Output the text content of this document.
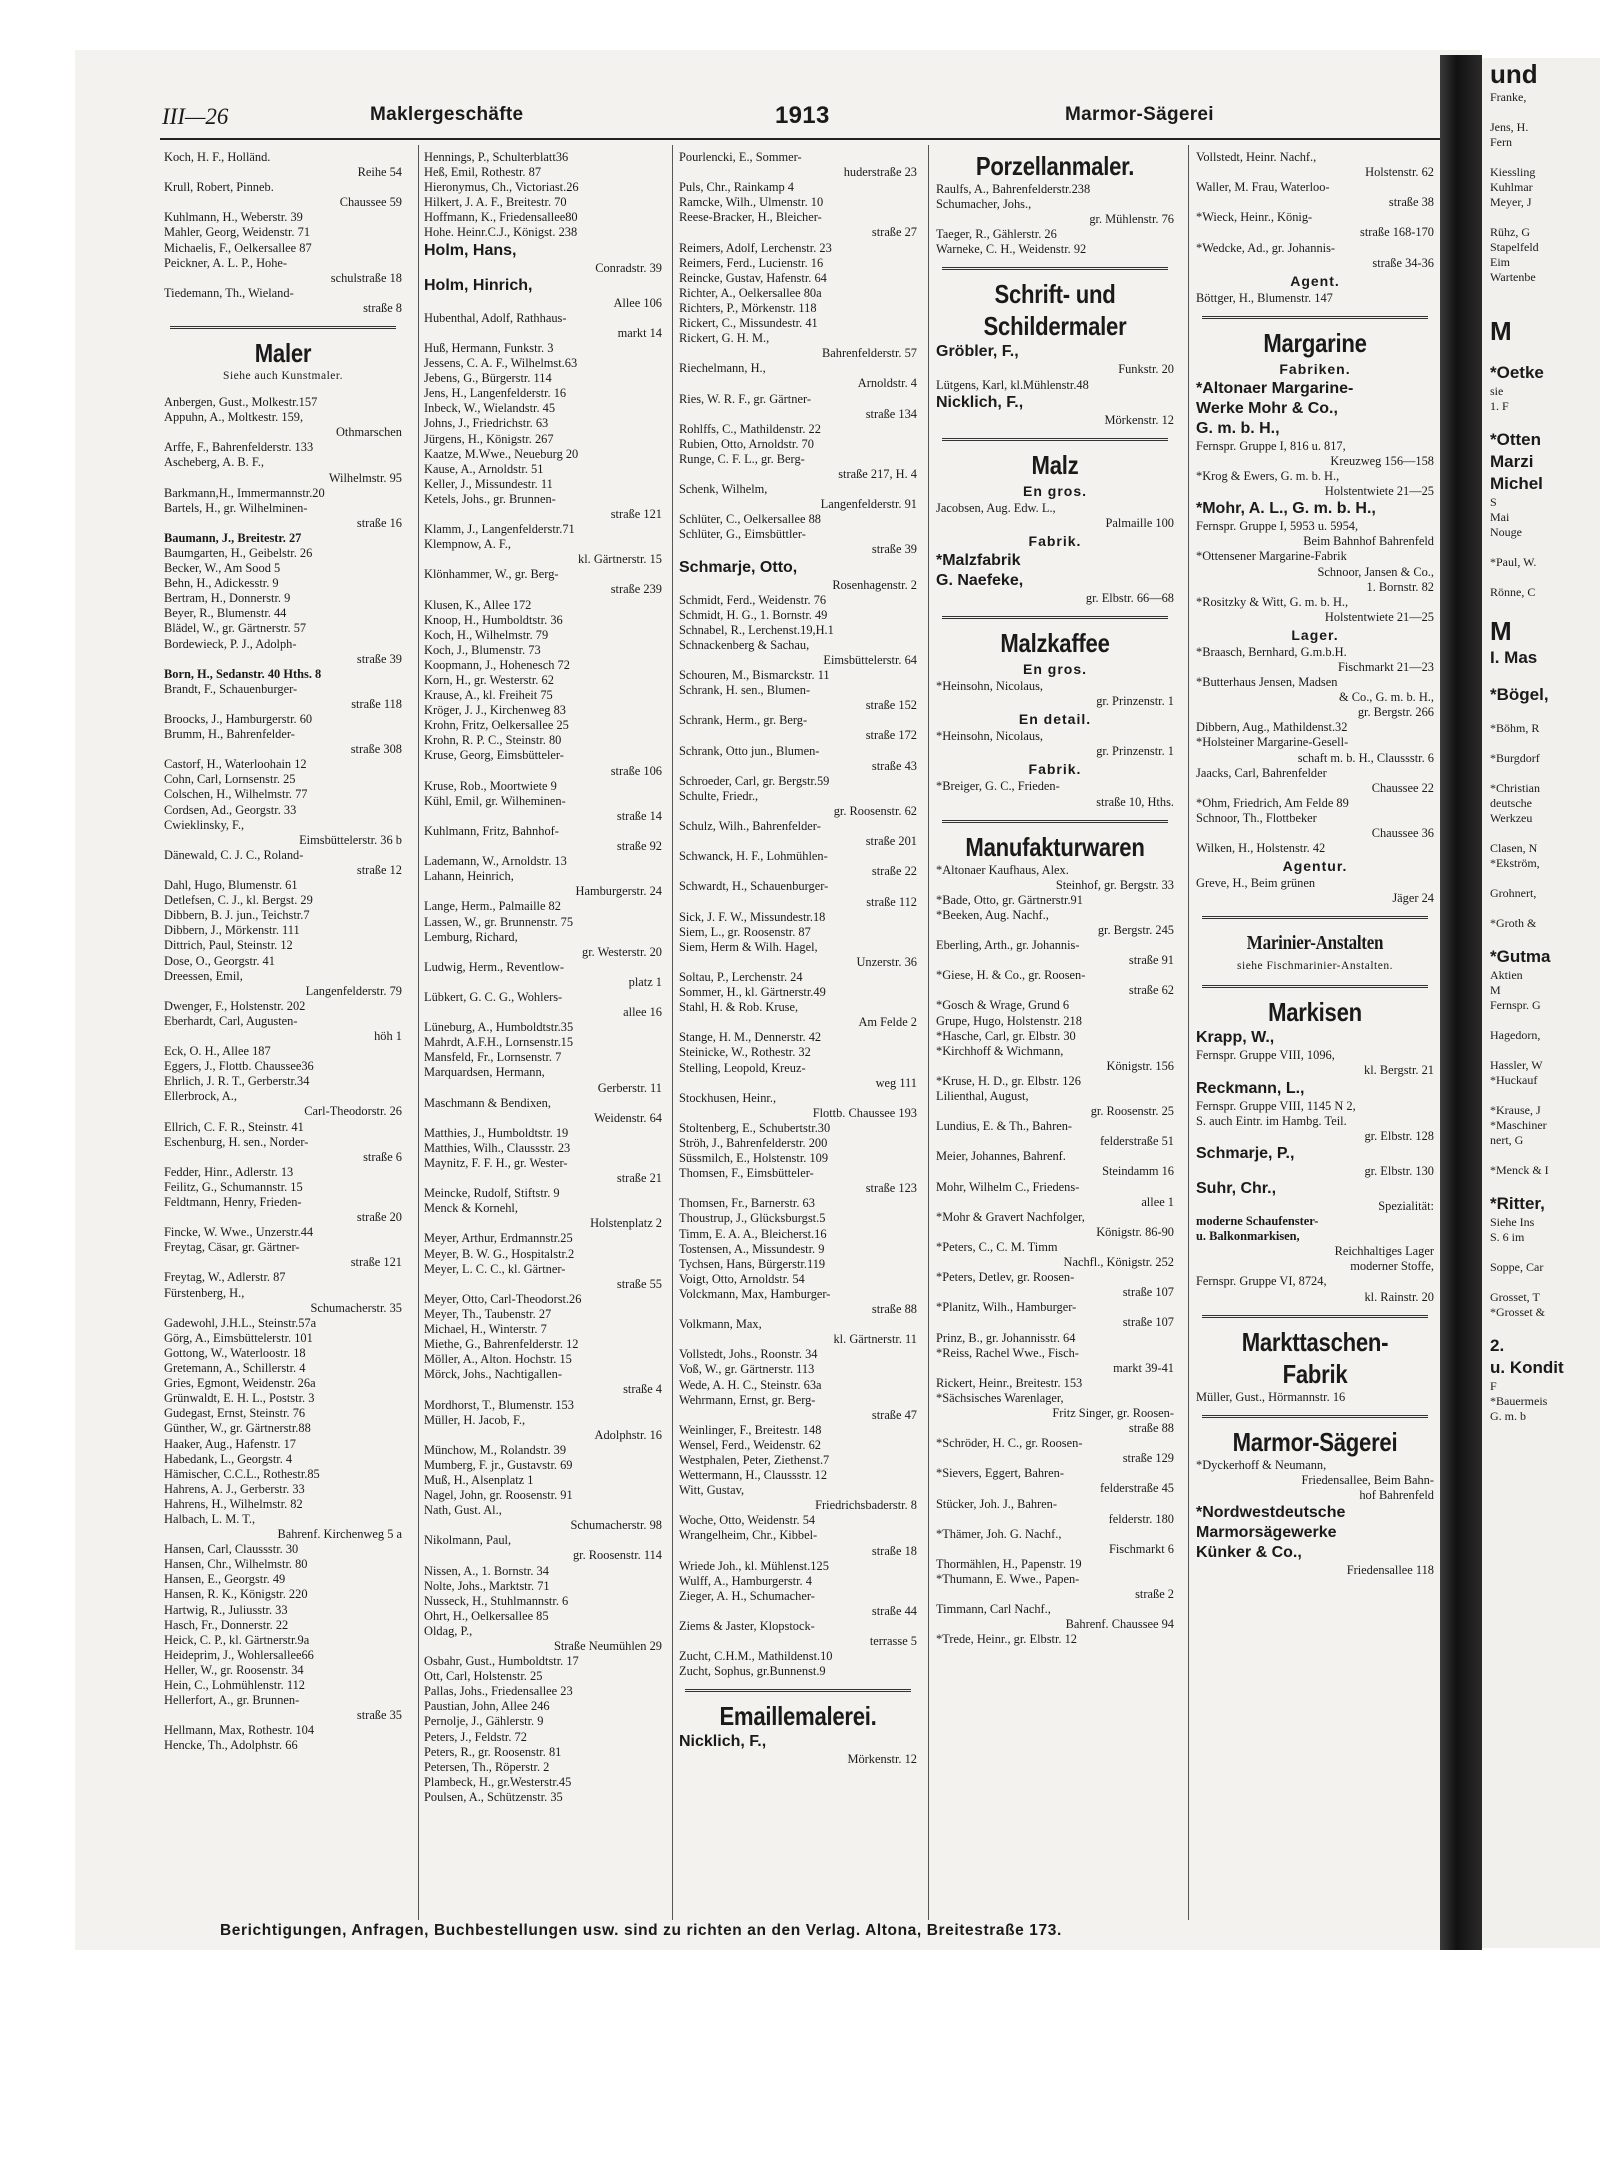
und
Franke,

Jens, H.
Fern

Kiessling
Kuhlmar
Meyer, J

Rühz, G
Stapelfeld
Eim
Wartenbe

M

*Oetke
sie
1. F

*Otten
Marzi
Michel
S
Mai
Nouge

*Paul, W.

Rönne, C

M
I. Mas

*Bögel,

*Böhm, R

*Burgdorf

*Christian
deutsche
Werkzeu

Clasen, N
*Ekström,

Grohnert,

*Groth &

*Gutma
Aktien
M
Fernspr. G

Hagedorn,

Hassler, W
*Huckauf

*Krause, J
*Maschiner
nert, G

*Menck & I

*Ritter,
Siehe Ins
S. 6 im

Soppe, Car

Grosset, T
*Grosset &

2.
u. Kondit
F
*Bauermeis
G. m. b
III—26	Maklergeschäfte	1913	Marmor-Sägerei
Koch, H. F., Holländ.
Reihe 54
Krull, Robert, Pinneb.
Chaussee 59
Kuhlmann, H., Weberstr. 39
Mahler, Georg, Weidenstr. 71
Michaelis, F., Oelkersallee 87
Peickner, A. L. P., Hohe-
schulstraße 18
Tiedemann, Th., Wieland-
straße 8
Maler
Siehe auch Kunstmaler.
Anbergen, Gust., Molkestr.157
Appuhn, A., Moltkestr. 159,
Othmarschen
Arffe, F., Bahrenfelderstr. 133
Ascheberg, A. B. F.,
Wilhelmstr. 95
Barkmann,H., Immermannstr.20
Bartels, H., gr. Wilhelminen-
straße 16
Baumann, J., Breitestr. 27
Baumgarten, H., Geibelstr. 26
Becker, W., Am Sood 5
Behn, H., Adickesstr. 9
Bertram, H., Donnerstr. 9
Beyer, R., Blumenstr. 44
Blädel, W., gr. Gärtnerstr. 57
Bordewieck, P. J., Adolph-
straße 39
Born, H., Sedanstr. 40 Hths. 8
Brandt, F., Schauenburger-
straße 118
Broocks, J., Hamburgerstr. 60
Brumm, H., Bahrenfelder-
straße 308
Castorf, H., Waterloohain 12
Cohn, Carl, Lornsenstr. 25
Colschen, H., Wilhelmstr. 77
Cordsen, Ad., Georgstr. 33
Cwieklinsky, F.,
Eimsbüttelerstr. 36 b
Dänewald, C. J. C., Roland-
straße 12
Dahl, Hugo, Blumenstr. 61
Detlefsen, C. J., kl. Bergst. 29
Dibbern, B. J. jun., Teichstr.7
Dibbern, J., Mörkenstr. 111
Dittrich, Paul, Steinstr. 12
Dose, O., Georgstr. 41
Dreessen, Emil,
Langenfelderstr. 79
Dwenger, F., Holstenstr. 202
Eberhardt, Carl, Augusten-
höh 1
Eck, O. H., Allee 187
Eggers, J., Flottb. Chaussee36
Ehrlich, J. R. T., Gerberstr.34
Ellerbrock, A.,
Carl-Theodorstr. 26
Ellrich, C. F. R., Steinstr. 41
Eschenburg, H. sen., Norder-
straße 6
Fedder, Hinr., Adlerstr. 13
Feilitz, G., Schumannstr. 15
Feldtmann, Henry, Frieden-
straße 20
Fincke, W. Wwe., Unzerstr.44
Freytag, Cäsar, gr. Gärtner-
straße 121
Freytag, W., Adlerstr. 87
Fürstenberg, H.,
Schumacherstr. 35
Gadewohl, J.H.L., Steinstr.57a
Görg, A., Eimsbüttelerstr. 101
Gottong, W., Waterloostr. 18
Gretemann, A., Schillerstr. 4
Gries, Egmont, Weidenstr. 26a
Grünwaldt, E. H. L., Poststr. 3
Gudegast, Ernst, Steinstr. 76
Günther, W., gr. Gärtnerstr.88
Haaker, Aug., Hafenstr. 17
Habedank, L., Georgstr. 4
Hämischer, C.C.L., Rothestr.85
Hahrens, A. J., Gerberstr. 33
Hahrens, H., Wilhelmstr. 82
Halbach, L. M. T.,
Bahrenf. Kirchenweg 5 a
Hansen, Carl, Claussstr. 30
Hansen, Chr., Wilhelmstr. 80
Hansen, E., Georgstr. 49
Hansen, R. K., Königstr. 220
Hartwig, R., Juliusstr. 33
Hasch, Fr., Donnerstr. 22
Heick, C. P., kl. Gärtnerstr.9a
Heideprim, J., Wohlersallee66
Heller, W., gr. Roosenstr. 34
Hein, C., Lohmühlenstr. 112
Hellerfort, A., gr. Brunnen-
straße 35
Hellmann, Max, Rothestr. 104
Hencke, Th., Adolphstr. 66
Hennings, P., Schulterblatt36
Heß, Emil, Rothestr. 87
Hieronymus, Ch., Victoriast.26
Hilkert, J. A. F., Breitestr. 70
Hoffmann, K., Friedensallee80
Hohe. Heinr.C.J., Königst. 238
Holm, Hans,
Conradstr. 39
Holm, Hinrich,
Allee 106
Hubenthal, Adolf, Rathhaus-
markt 14
Huß, Hermann, Funkstr. 3
Jessens, C. A. F., Wilhelmst.63
Jebens, G., Bürgerstr. 114
Jens, H., Langenfelderstr. 16
Inbeck, W., Wielandstr. 45
Johns, J., Friedrichstr. 63
Jürgens, H., Königstr. 267
Kaatze, M.Wwe., Neueburg 20
Kause, A., Arnoldstr. 51
Keller, J., Missundestr. 11
Ketels, Johs., gr. Brunnen-
straße 121
Klamm, J., Langenfelderstr.71
Klempnow, A. F.,
kl. Gärtnerstr. 15
Klönhammer, W., gr. Berg-
straße 239
Klusen, K., Allee 172
Knoop, H., Humboldtstr. 36
Koch, H., Wilhelmstr. 79
Koch, J., Blumenstr. 73
Koopmann, J., Hohenesch 72
Korn, H., gr. Westerstr. 62
Krause, A., kl. Freiheit 75
Kröger, J. J., Kirchenweg 83
Krohn, Fritz, Oelkersallee 25
Krohn, R. P. C., Steinstr. 80
Kruse, Georg, Eimsbütteler-
straße 106
Kruse, Rob., Moortwiete 9
Kühl, Emil, gr. Wilheminen-
straße 14
Kuhlmann, Fritz, Bahnhof-
straße 92
Lademann, W., Arnoldstr. 13
Lahann, Heinrich,
Hamburgerstr. 24
Lange, Herm., Palmaille 82
Lassen, W., gr. Brunnenstr. 75
Lemburg, Richard,
gr. Westerstr. 20
Ludwig, Herm., Reventlow-
platz 1
Lübkert, G. C. G., Wohlers-
allee 16
Lüneburg, A., Humboldtstr.35
Mahrdt, A.F.H., Lornsenstr.15
Mansfeld, Fr., Lornsenstr. 7
Marquardsen, Hermann,
Gerberstr. 11
Maschmann & Bendixen,
Weidenstr. 64
Matthies, J., Humboldtstr. 19
Matthies, Wilh., Claussstr. 23
Maynitz, F. F. H., gr. Wester-
straße 21
Meincke, Rudolf, Stiftstr. 9
Menck & Kornehl,
Holstenplatz 2
Meyer, Arthur, Erdmannstr.25
Meyer, B. W. G., Hospitalstr.2
Meyer, L. C. C., kl. Gärtner-
straße 55
Meyer, Otto, Carl-Theodorst.26
Meyer, Th., Taubenstr. 27
Michael, H., Winterstr. 7
Miethe, G., Bahrenfelderstr. 12
Möller, A., Alton. Hochstr. 15
Mörck, Johs., Nachtigallen-
straße 4
Mordhorst, T., Blumenstr. 153
Müller, H. Jacob, F.,
Adolphstr. 16
Münchow, M., Rolandstr. 39
Mumberg, F. jr., Gustavstr. 69
Muß, H., Alsenplatz 1
Nagel, John, gr. Roosenstr. 91
Nath, Gust. Al.,
Schumacherstr. 98
Nikolmann, Paul,
gr. Roosenstr. 114
Nissen, A., 1. Bornstr. 34
Nolte, Johs., Marktstr. 71
Nusseck, H., Stuhlmannstr. 6
Ohrt, H., Oelkersallee 85
Oldag, P.,
Straße Neumühlen 29
Osbahr, Gust., Humboldtstr. 17
Ott, Carl, Holstenstr. 25
Pallas, Johs., Friedensallee 23
Paustian, John, Allee 246
Pernolje, J., Gählerstr. 9
Peters, J., Feldstr. 72
Peters, R., gr. Roosenstr. 81
Petersen, Th., Röperstr. 2
Plambeck, H., gr.Westerstr.45
Poulsen, A., Schützenstr. 35
Pourlencki, E., Sommer-
huderstraße 23
Puls, Chr., Rainkamp 4
Ramcke, Wilh., Ulmenstr. 10
Reese-Bracker, H., Bleicher-
straße 27
Reimers, Adolf, Lerchenstr. 23
Reimers, Ferd., Lucienstr. 16
Reincke, Gustav, Hafenstr. 64
Richter, A., Oelkersallee 80a
Richters, P., Mörkenstr. 118
Rickert, C., Missundestr. 41
Rickert, G. H. M.,
Bahrenfelderstr. 57
Riechelmann, H.,
Arnoldstr. 4
Ries, W. R. F., gr. Gärtner-
straße 134
Rohlffs, C., Mathildenstr. 22
Rubien, Otto, Arnoldstr. 70
Runge, C. F. L., gr. Berg-
straße 217, H. 4
Schenk, Wilhelm,
Langenfelderstr. 91
Schlüter, C., Oelkersallee 88
Schlüter, G., Eimsbüttler-
straße 39
Schmarje, Otto,
Rosenhagenstr. 2
Schmidt, Ferd., Weidenstr. 76
Schmidt, H. G., 1. Bornstr. 49
Schnabel, R., Lerchenst.19,H.1
Schnackenberg & Sachau,
Eimsbüttelerstr. 64
Schouren, M., Bismarckstr. 11
Schrank, H. sen., Blumen-
straße 152
Schrank, Herm., gr. Berg-
straße 172
Schrank, Otto jun., Blumen-
straße 43
Schroeder, Carl, gr. Bergstr.59
Schulte, Friedr.,
gr. Roosenstr. 62
Schulz, Wilh., Bahrenfelder-
straße 201
Schwanck, H. F., Lohmühlen-
straße 22
Schwardt, H., Schauenburger-
straße 112
Sick, J. F. W., Missundestr.18
Siem, L., gr. Roosenstr. 87
Siem, Herm & Wilh. Hagel,
Unzerstr. 36
Soltau, P., Lerchenstr. 24
Sommer, H., kl. Gärtnerstr.49
Stahl, H. & Rob. Kruse,
Am Felde 2
Stange, H. M., Dennerstr. 42
Steinicke, W., Rothestr. 32
Stelling, Leopold, Kreuz-
weg 111
Stockhusen, Heinr.,
Flottb. Chaussee 193
Stoltenberg, E., Schubertstr.30
Ströh, J., Bahrenfelderstr. 200
Süssmilch, E., Holstenstr. 109
Thomsen, F., Eimsbütteler-
straße 123
Thomsen, Fr., Barnerstr. 63
Thoustrup, J., Glücksburgst.5
Timm, E. A. A., Bleicherst.16
Tostensen, A., Missundestr. 9
Tychsen, Hans, Bürgerstr.119
Voigt, Otto, Arnoldstr. 54
Volckmann, Max, Hamburger-
straße 88
Volkmann, Max,
kl. Gärtnerstr. 11
Vollstedt, Johs., Roonstr. 34
Voß, W., gr. Gärtnerstr. 113
Wede, A. H. C., Steinstr. 63a
Wehrmann, Ernst, gr. Berg-
straße 47
Weinlinger, F., Breitestr. 148
Wensel, Ferd., Weidenstr. 62
Westphalen, Peter, Ziethenst.7
Wettermann, H., Claussstr. 12
Witt, Gustav,
Friedrichsbaderstr. 8
Woche, Otto, Weidenstr. 54
Wrangelheim, Chr., Kibbel-
straße 18
Wriede Joh., kl. Mühlenst.125
Wulff, A., Hamburgerstr. 4
Zieger, A. H., Schumacher-
straße 44
Ziems & Jaster, Klopstock-
terrasse 5
Zucht, C.H.M., Mathildenst.10
Zucht, Sophus, gr.Bunnenst.9
Emaillemalerei.
Nicklich, F.,
Mörkenstr. 12
Porzellanmaler.
Raulfs, A., Bahrenfelderstr.238
Schumacher, Johs.,
gr. Mühlenstr. 76
Taeger, R., Gählerstr. 26
Warneke, C. H., Weidenstr. 92
Schrift- und
Schildermaler
Gröbler, F.,
Funkstr. 20
Lütgens, Karl, kl.Mühlenstr.48
Nicklich, F.,
Mörkenstr. 12
Malz
En gros.
Jacobsen, Aug. Edw. L.,
Palmaille 100
Fabrik.
*Malzfabrik
G. Naefeke,
gr. Elbstr. 66—68
Malzkaffee
En gros.
*Heinsohn, Nicolaus,
gr. Prinzenstr. 1
En detail.
*Heinsohn, Nicolaus,
gr. Prinzenstr. 1
Fabrik.
*Breiger, G. C., Frieden-
straße 10, Hths.
Manufakturwaren
*Altonaer Kaufhaus, Alex.
Steinhof, gr. Bergstr. 33
*Bade, Otto, gr. Gärtnerstr.91
*Beeken, Aug. Nachf.,
gr. Bergstr. 245
Eberling, Arth., gr. Johannis-
straße 91
*Giese, H. & Co., gr. Roosen-
straße 62
*Gosch & Wrage, Grund 6
Grupe, Hugo, Holstenstr. 218
*Hasche, Carl, gr. Elbstr. 30
*Kirchhoff & Wichmann,
Königstr. 156
*Kruse, H. D., gr. Elbstr. 126
Lilienthal, August,
gr. Roosenstr. 25
Lundius, E. & Th., Bahren-
felderstraße 51
Meier, Johannes, Bahrenf.
Steindamm 16
Mohr, Wilhelm C., Friedens-
allee 1
*Mohr & Gravert Nachfolger,
Königstr. 86-90
*Peters, C., C. M. Timm
Nachfl., Königstr. 252
*Peters, Detlev, gr. Roosen-
straße 107
*Planitz, Wilh., Hamburger-
straße 107
Prinz, B., gr. Johannisstr. 64
*Reiss, Rachel Wwe., Fisch-
markt 39-41
Rickert, Heinr., Breitestr. 153
*Sächsisches Warenlager,
Fritz Singer, gr. Roosen-
straße 88
*Schröder, H. C., gr. Roosen-
straße 129
*Sievers, Eggert, Bahren-
felderstraße 45
Stücker, Joh. J., Bahren-
felderstr. 180
*Thämer, Joh. G. Nachf.,
Fischmarkt 6
Thormählen, H., Papenstr. 19
*Thumann, E. Wwe., Papen-
straße 2
Timmann, Carl Nachf.,
Bahrenf. Chaussee 94
*Trede, Heinr., gr. Elbstr. 12
Vollstedt, Heinr. Nachf.,
Holstenstr. 62
Waller, M. Frau, Waterloo-
straße 38
*Wieck, Heinr., König-
straße 168-170
*Wedcke, Ad., gr. Johannis-
straße 34-36
Agent.
Böttger, H., Blumenstr. 147
Margarine
Fabriken.
*Altonaer Margarine-
Werke Mohr & Co.,
G. m. b. H.,
Fernspr. Gruppe I, 816 u. 817,
Kreuzweg 156—158
*Krog & Ewers, G. m. b. H.,
Holstentwiete 21—25
*Mohr, A. L., G. m. b. H.,
Fernspr. Gruppe I, 5953 u. 5954,
Beim Bahnhof Bahrenfeld
*Ottensener Margarine-Fabrik
Schnoor, Jansen & Co.,
1. Bornstr. 82
*Rositzky & Witt, G. m. b. H.,
Holstentwiete 21—25
Lager.
*Braasch, Bernhard, G.m.b.H.
Fischmarkt 21—23
*Butterhaus Jensen, Madsen
& Co., G. m. b. H.,
gr. Bergstr. 266
Dibbern, Aug., Mathildenst.32
*Holsteiner Margarine-Gesell-
schaft m. b. H., Claussstr. 6
Jaacks, Carl, Bahrenfelder
Chaussee 22
*Ohm, Friedrich, Am Felde 89
Schnoor, Th., Flottbeker
Chaussee 36
Wilken, H., Holstenstr. 42
Agentur.
Greve, H., Beim grünen
Jäger 24
Marinier-Anstalten
siehe Fischmarinier-Anstalten.
Markisen
Krapp, W.,
Fernspr. Gruppe VIII, 1096,
kl. Bergstr. 21
Reckmann, L.,
Fernspr. Gruppe VIII, 1145 N 2,
S. auch Eintr. im Hambg. Teil.
gr. Elbstr. 128
Schmarje, P.,
gr. Elbstr. 130
Suhr, Chr.,
Spezialität:
moderne Schaufenster-
u. Balkonmarkisen,
Reichhaltiges Lager
moderner Stoffe,
Fernspr. Gruppe VI, 8724,
kl. Rainstr. 20
Markttaschen-
Fabrik
Müller, Gust., Hörmannstr. 16
Marmor-Sägerei
*Dyckerhoff & Neumann,
Friedensallee, Beim Bahn-
hof Bahrenfeld
*Nordwestdeutsche
Marmorsägewerke
Künker & Co.,
Friedensallee 118
Berichtigungen, Anfragen, Buchbestellungen usw. sind zu richten an den Verlag. Altona, Breitestraße 173.
